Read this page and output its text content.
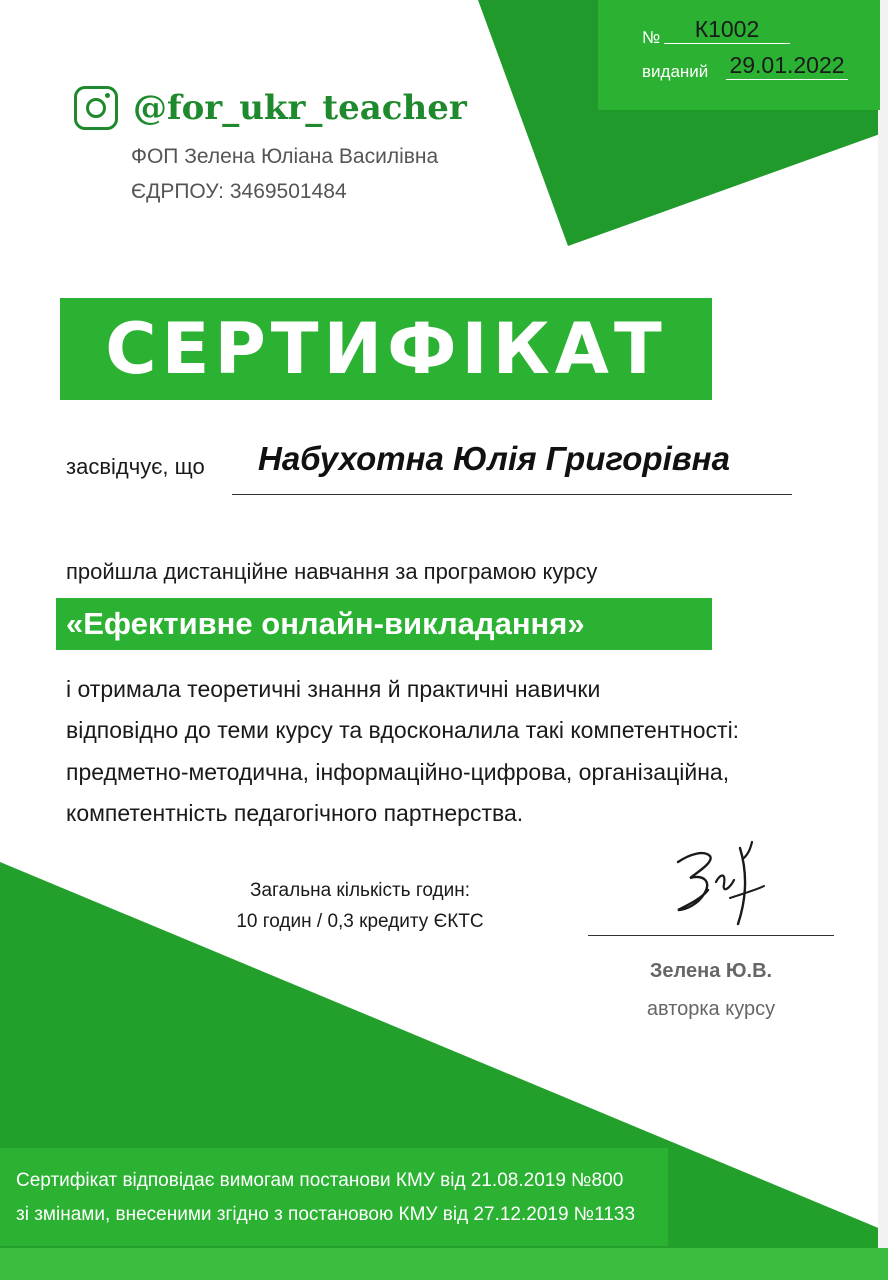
№	К1002
виданий 29.01.2022
@for_ukr_teacher
ФОП Зелена Юліана Василівна
ЄДРПОУ: 3469501484
СЕРТИФІКАТ
засвідчує, що Набухотна Юлія Григорівна
пройшла дистанційне навчання за програмою курсу
«Ефективне онлайн-викладання»
і отримала теоретичні знання й практичні навички
відповідно до теми курсу та вдосконалила такі компетентності:
предметно-методична, інформаційно-цифрова, організаційна,
компетентність педагогічного партнерства.
Загальна кількість годин:
10 годин / 0,3 кредиту ЄКТС
Зелена Ю.В.
авторка курсу
Сертифікат відповідає вимогам постанови КМУ від 21.08.2019 №800
зі змінами, внесеними згідно з постановою КМУ від 27.12.2019 №1133
